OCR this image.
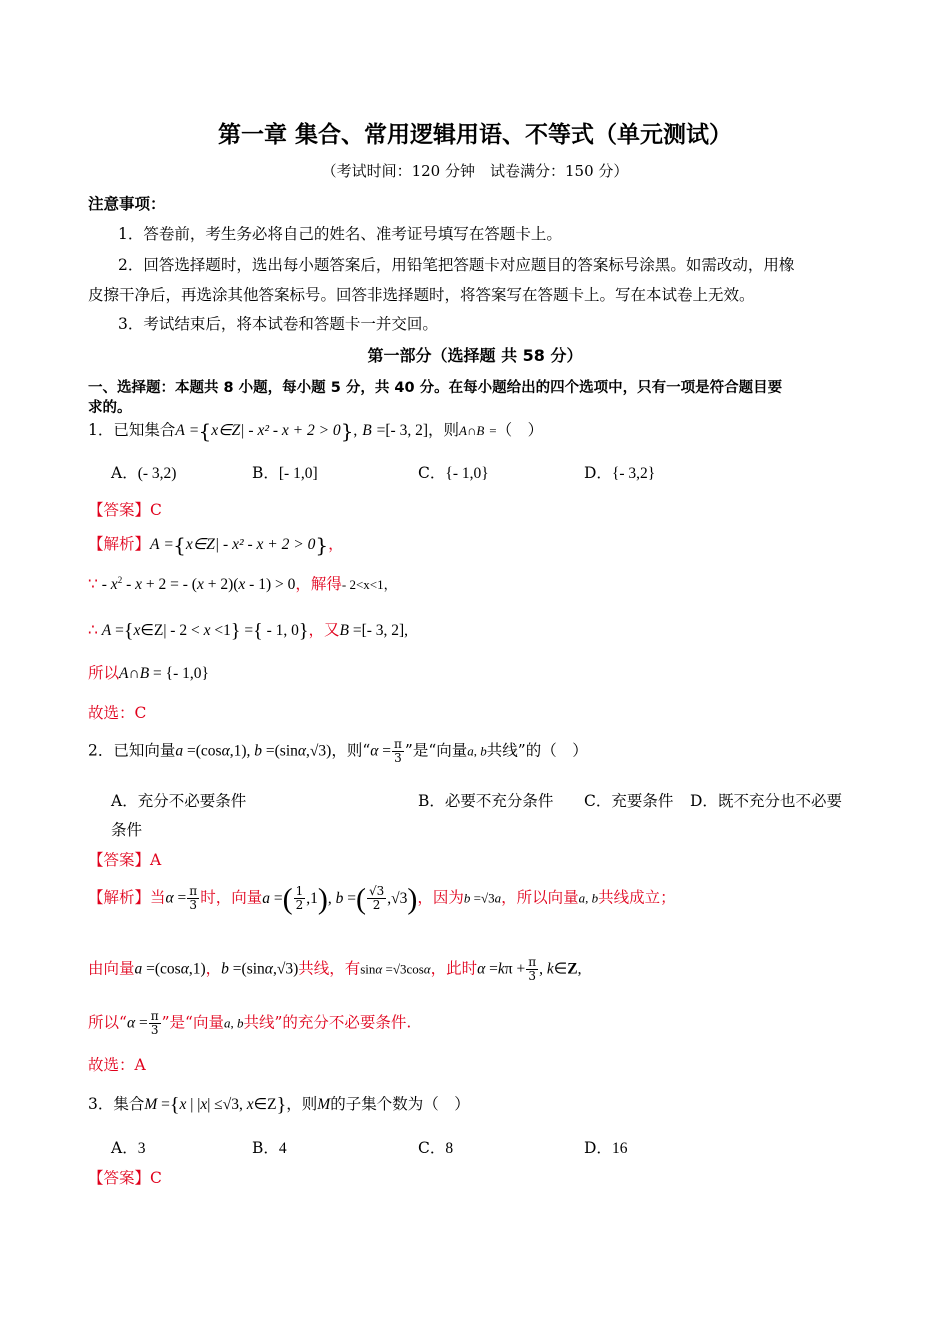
第一章 集合、常用逻辑用语、不等式（单元测试）
（考试时间：120 分钟　试卷满分：150 分）
注意事项：
1．答卷前，考生务必将自己的姓名、准考证号填写在答题卡上。
2．回答选择题时，选出每小题答案后，用铅笔把答题卡对应题目的答案标号涂黑。如需改动，用橡
皮擦干净后，再选涂其他答案标号。回答非选择题时，将答案写在答题卡上。写在本试卷上无效。
3．考试结束后，将本试卷和答题卡一并交回。
第一部分（选择题 共 58 分）
一、选择题：本题共 8 小题，每小题 5 分，共 40 分。在每小题给出的四个选项中，只有一项是符合题目要
求的。
1．已知集合A ={x∈Z| - x² - x + 2 > 0}, B =[- 3, 2]，则A∩B =（　）
A．(- 3,2)	B．[- 1,0]	C．{- 1,0}	D．{- 3,2}
【答案】C
【解析】A ={x∈Z| - x² - x + 2 > 0}，
∵ - $x^2 - x + 2$ = - (x + 2)(x - 1) > 0，解得- 2<x<1，
∴ A ={x∈Z| - 2 < x <1} ={ - 1, 0}，又B =[- 3, 2],
所以A∩B = {- 1,0}
故选：C
2．已知向量a =(cosα,1), b =(sinα,√3)，则“$\alpha = \frac{\pi}{3}$ ”是“向量a, b共线”的（　）
A．充分不必要条件	B．必要不充分条件 C．充要条件 D．既不充分也不必要
条件
【答案】A
【解析】当$\alpha = \frac{\pi}{3}$ 时，向量a =( $\frac{1}{2} ,1$), b =( $\frac{√3}{2} ,√3$)，因为b =√3a，所以向量a, b共线成立；
由向量a =(cosα,1)，b =(sinα,√3)共线，有sinα =√3cosα，此时$\alpha =k\pi + \frac{\pi}{3}$ , k∈Z,
所以“$\alpha = \frac{\pi}{3}$ ”是“向量a, b共线”的充分不必要条件.
故选：A
3．集合M ={x | |x| ≤√3, x∈Z}，则M的子集个数为（　）
A．3	B．4	C．8	D．16
【答案】C
